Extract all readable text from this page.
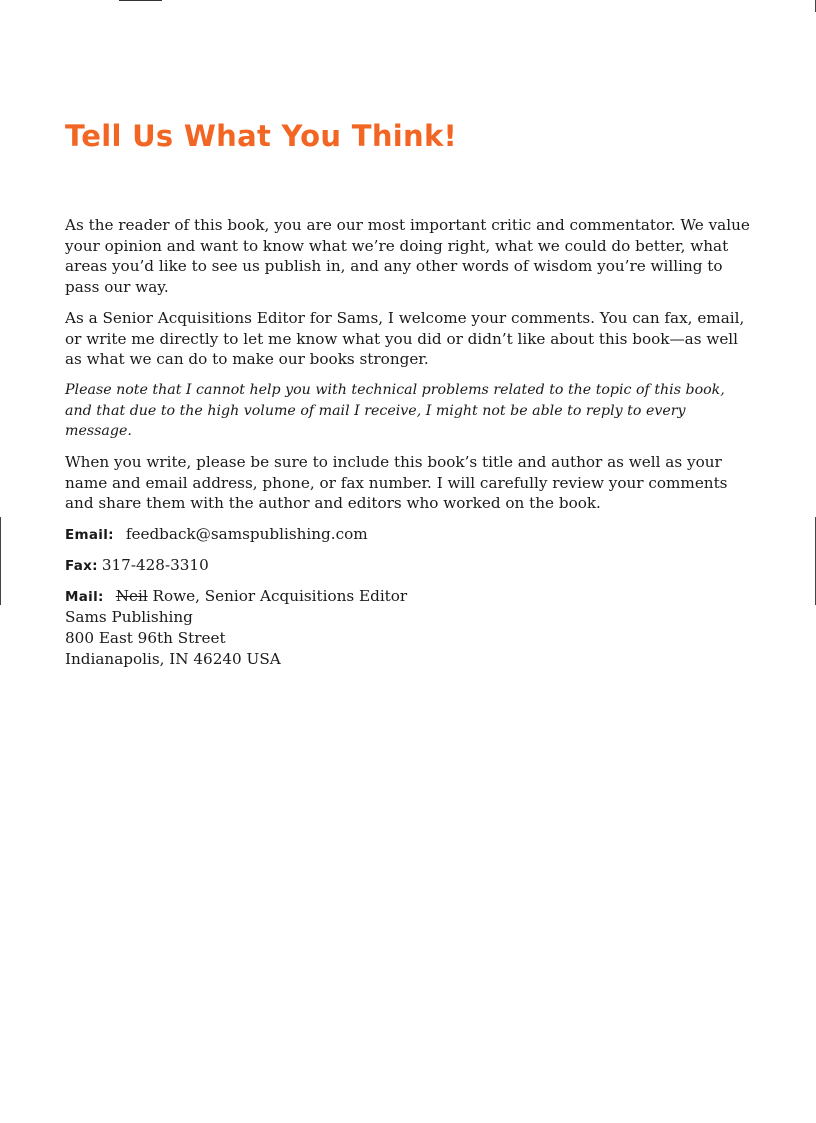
Tell Us What You Think!

As the reader of this book, you are our most important critic and commentator. We value your opinion and want to know what we’re doing right, what we could do better, what areas you’d like to see us publish in, and any other words of wisdom you’re willing to pass our way.

As a Senior Acquisitions Editor for Sams, I welcome your comments. You can fax, email, or write me directly to let me know what you did or didn’t like about this book—as well as what we can do to make our books stronger.

Please note that I cannot help you with technical problems related to the topic of this book, and that due to the high volume of mail I receive, I might not be able to reply to every message.

When you write, please be sure to include this book’s title and author as well as your name and email address, phone, or fax number. I will carefully review your comments and share them with the author and editors who worked on the book.

Email: feedback@samspublishing.com

Fax: 317-428-3310

Mail: Neil Rowe, Senior Acquisitions Editor
Sams Publishing
800 East 96th Street
Indianapolis, IN 46240 USA
